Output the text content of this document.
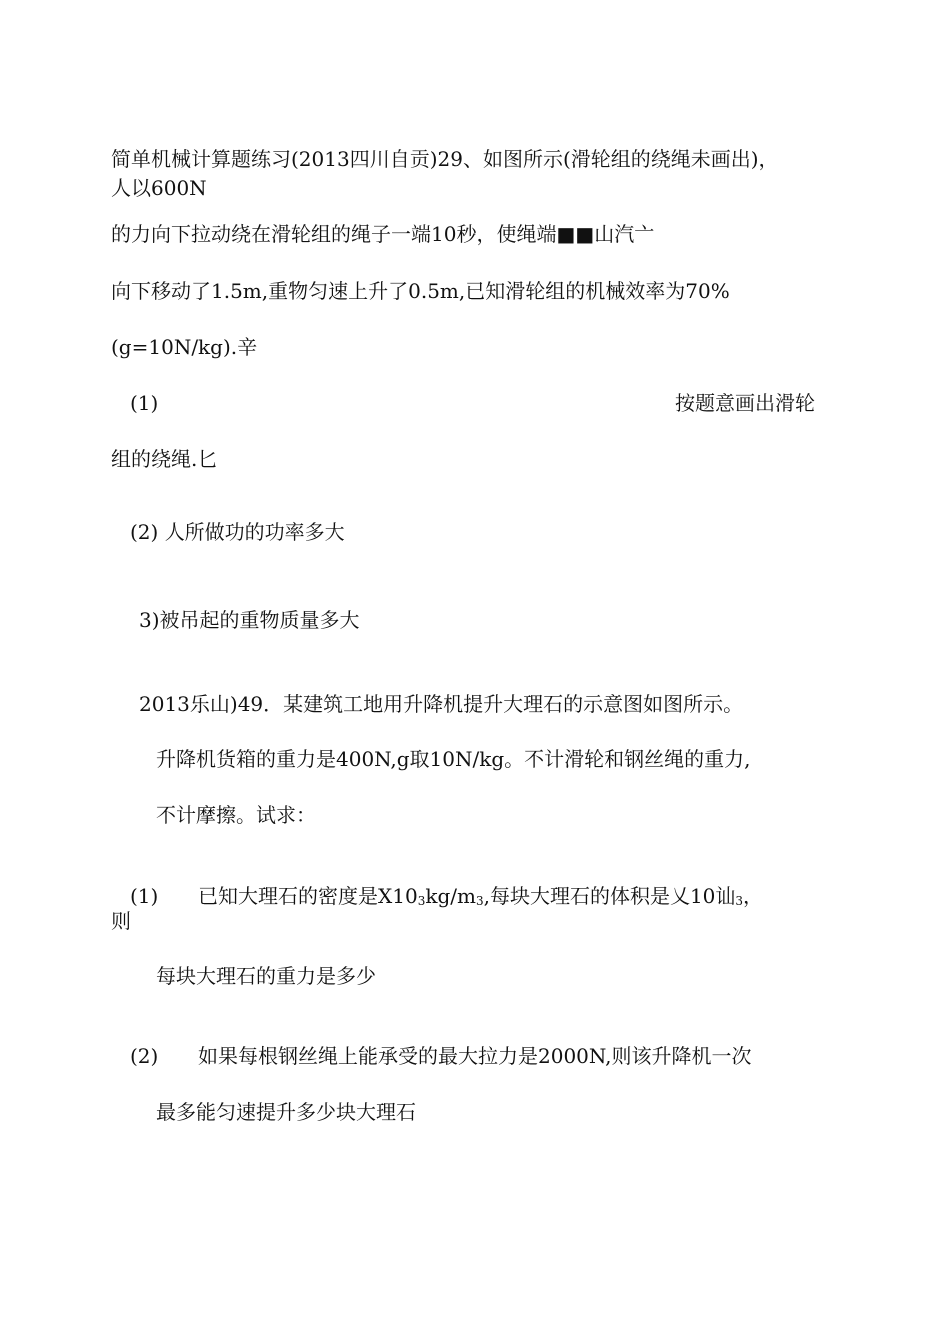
简单机械计算题练习(2013四川自贡)29、如图所示(滑轮组的绕绳未画出)，
人以600N
的力向下拉动绕在滑轮组的绳子一端10秒，使绳端■■山汽亠
向下移动了1.5m,重物匀速上升了0.5m,已知滑轮组的机械效率为70%
(g=10N/kg).辛
(1)	按题意画出滑轮
组的绕绳.匕
(2) 人所做功的功率多大
3)被吊起的重物质量多大
2013乐山)49．某建筑工地用升降机提升大理石的示意图如图所示。
升降机货箱的重力是400N,g取10N/kg。不计滑轮和钢丝绳的重力,
不计摩擦。试求：
(1) 已知大理石的密度是X103kg/m3,每块大理石的体积是乂10讪3，
则
每块大理石的重力是多少
(2) 如果每根钢丝绳上能承受的最大拉力是2000N,则该升降机一次
最多能匀速提升多少块大理石
